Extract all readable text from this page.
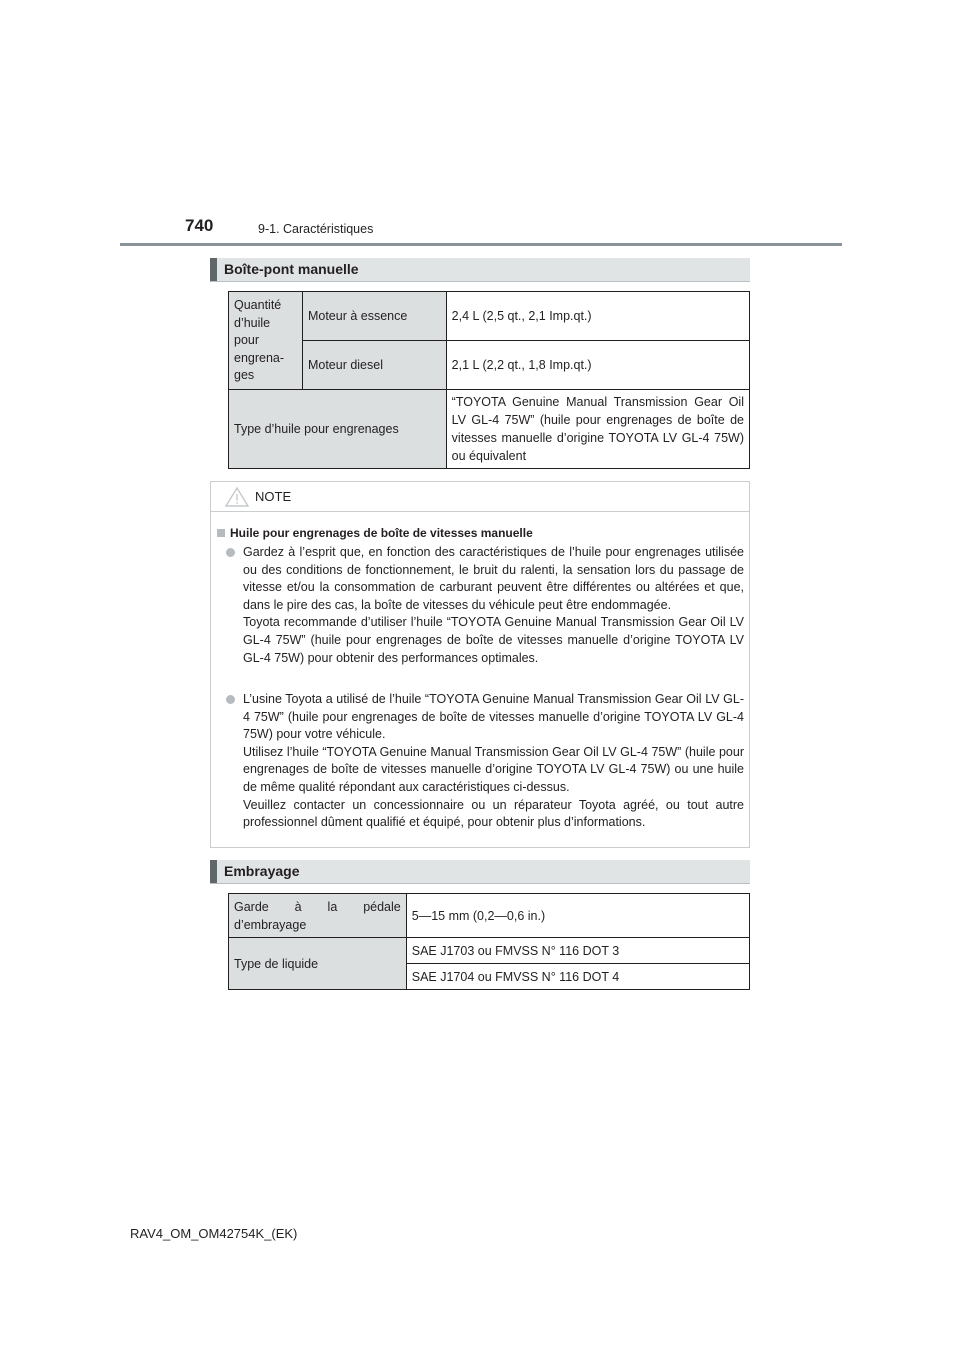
740	9-1. Caractéristiques
Boîte-pont manuelle
Quantité d’huile pour engrena- ges	Moteur à essence	2,4 L (2,5 qt., 2,1 Imp.qt.)
	Moteur diesel	2,1 L (2,2 qt., 1,8 Imp.qt.)
Type d’huile pour engrenages		“TOYOTA Genuine Manual Transmission Gear Oil LV GL-4 75W” (huile pour engrenages de boîte de vitesses manuelle d’origine TOYOTA LV GL-4 75W) ou équivalent
NOTE
Huile pour engrenages de boîte de vitesses manuelle

Gardez à l’esprit que, en fonction des caractéristiques de l’huile pour engrenages utilisée ou des conditions de fonctionnement, le bruit du ralenti, la sensation lors du passage de vitesse et/ou la consommation de carburant peuvent être différentes ou altérées et que, dans le pire des cas, la boîte de vitesses du véhicule peut être endommagée.

Toyota recommande d’utiliser l’huile “TOYOTA Genuine Manual Transmission Gear Oil LV GL-4 75W” (huile pour engrenages de boîte de vitesses manuelle d’origine TOYOTA LV GL-4 75W) pour obtenir des performances optimales.

L’usine Toyota a utilisé de l’huile “TOYOTA Genuine Manual Transmission Gear Oil LV GL-4 75W” (huile pour engrenages de boîte de vitesses manuelle d’origine TOYOTA LV GL-4 75W) pour votre véhicule.

Utilisez l’huile “TOYOTA Genuine Manual Transmission Gear Oil LV GL-4 75W” (huile pour engrenages de boîte de vitesses manuelle d’origine TOYOTA LV GL-4 75W) ou une huile de même qualité répondant aux caractéristiques ci-dessus.

Veuillez contacter un concessionnaire ou un réparateur Toyota agréé, ou tout autre professionnel dûment qualifié et équipé, pour obtenir plus d’informations.

Embrayage
Garde à la pédale
d’embrayage	5—15 mm (0,2—0,6 in.)
Type de liquide	SAE J1703 ou FMVSS N° 116 DOT 3
	SAE J1704 ou FMVSS N° 116 DOT 4
RAV4_OM_OM42754K_(EK)
